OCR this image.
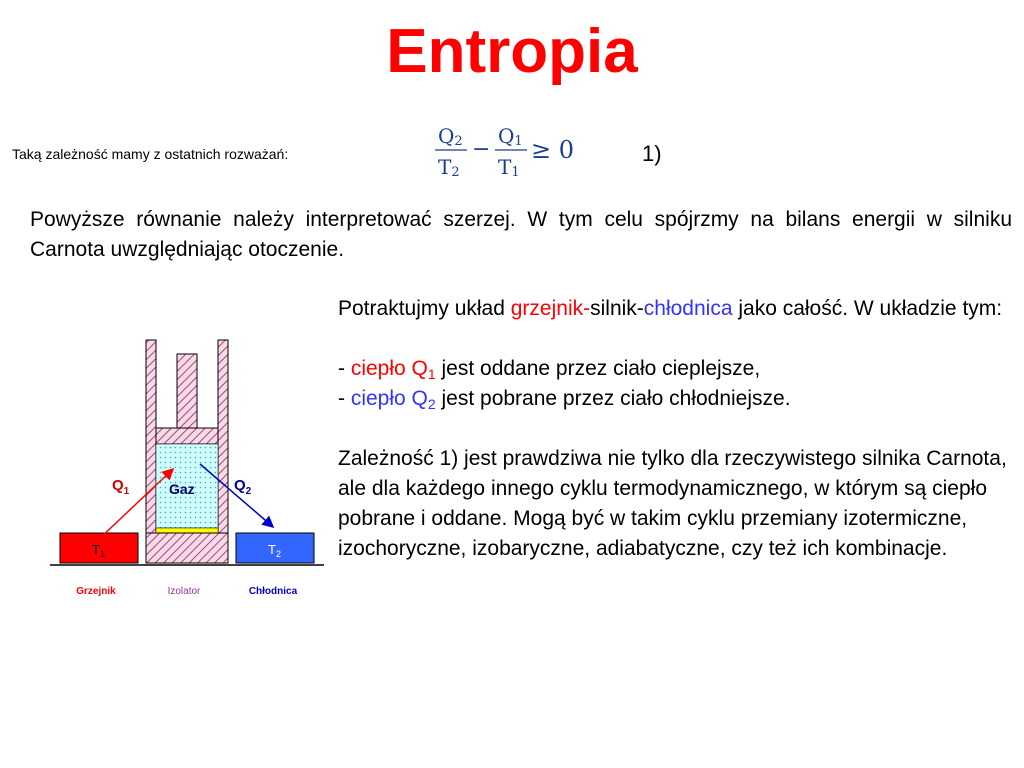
Entropia
Taką zależność mamy z ostatnich rozważań:
Q2
T2
−
Q1
T1
≥ 0	1)
Powyższe równanie należy interpretować szerzej. W tym celu spójrzmy na bilans energii w silniku Carnota uwzględniając otoczenie.

Potraktujmy układ grzejnik-silnik-chłodnica jako całość. W układzie tym:

- ciepło $Q_1$ jest oddane przez ciało cieplejsze,

- ciepło $Q_2$ jest pobrane przez ciało chłodniejsze.

Zależność 1) jest prawdziwa nie tylko dla rzeczywistego silnika Carnota, ale dla każdego innego cyklu termodynamicznego, w którym są ciepło pobrane i oddane. Mogą być w takim cyklu przemiany izotermiczne, izochoryczne, izobaryczne, adiabatyczne, czy też ich kombinacje.

$T_1$	$T_2$
Gaz
$Q_1$	$Q_2$
Grzejnik	Izolator	Chłodnica
